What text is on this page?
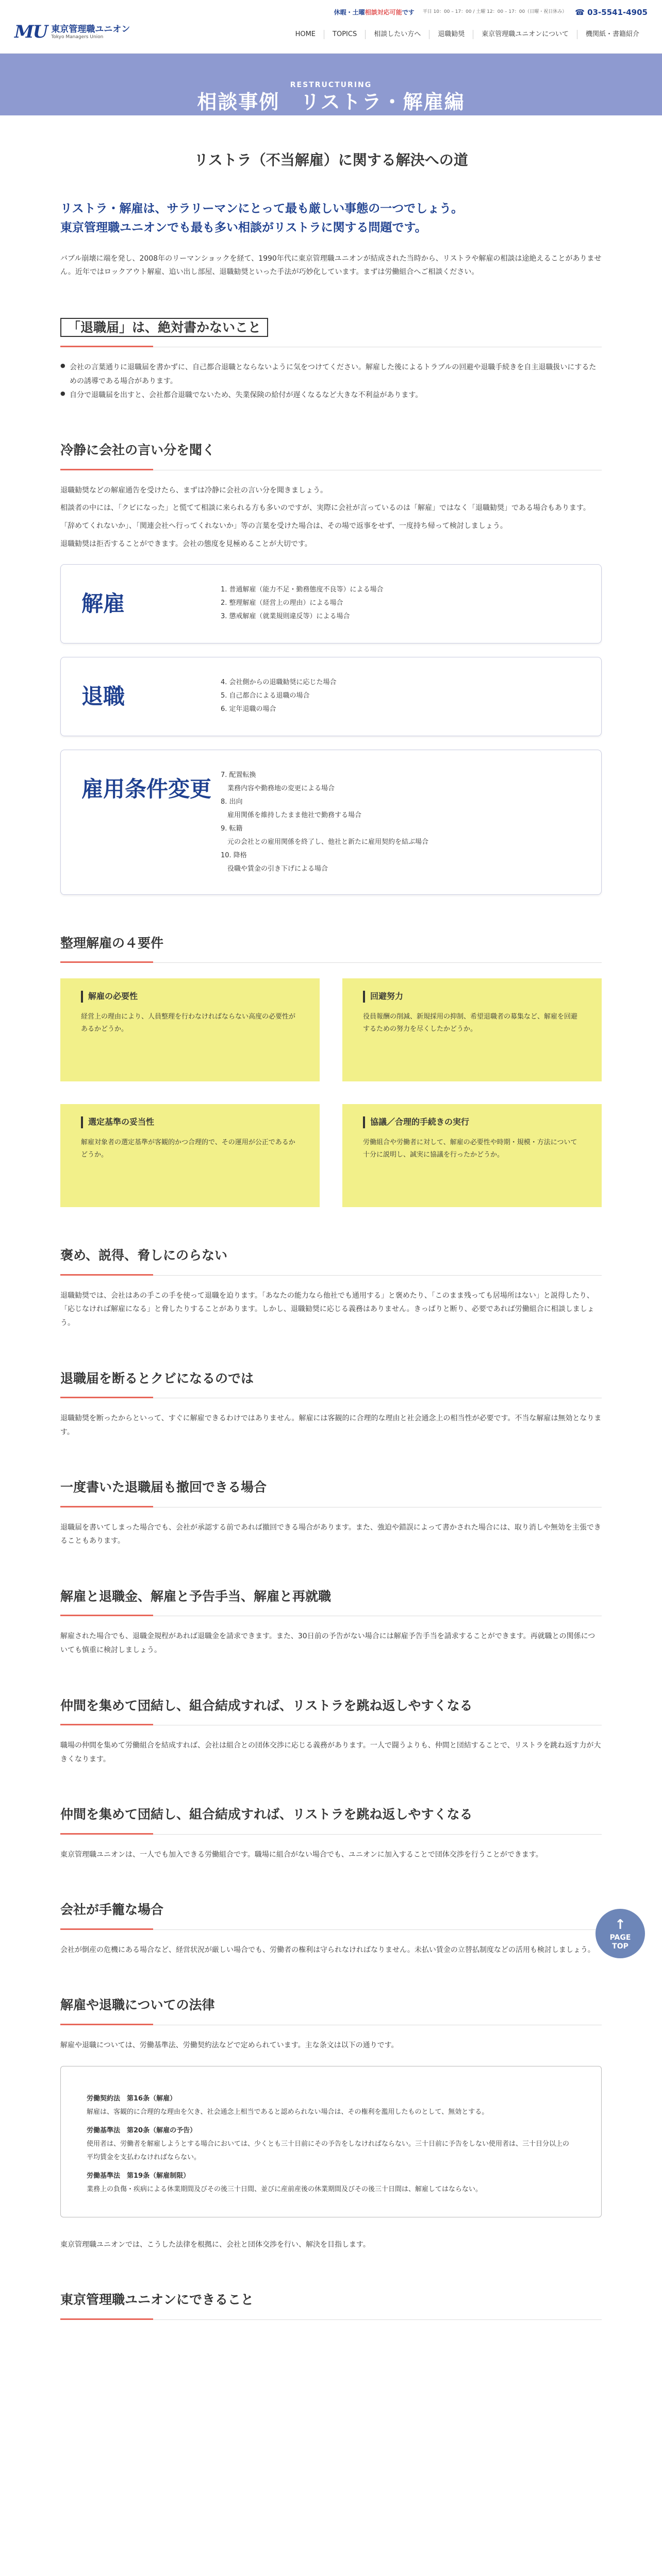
MU 東京管理職ユニオン
Tokyo Managers Union
休暇・土曜相談対応可能です 平日 10：00 – 17：00 / 土曜 12：00 – 17：00（日曜・祝日休み） ☎ 03-5541-4905
HOME	TOPICS	相談したい方へ	退職勧奨	東京管理職ユニオンについて	機関紙・書籍紹介
RESTRUCTURING
相談事例　リストラ・解雇編
リストラ（不当解雇）に関する解決への道
リストラ・解雇は、サラリーマンにとって最も厳しい事態の一つでしょう。
東京管理職ユニオンでも最も多い相談がリストラに関する問題です。

バブル崩壊に端を発し、2008年のリーマンショックを経て、1990年代に東京管理職ユニオンが結成された当時から、リストラや解雇の相談は途絶えることがありません。近年ではロックアウト解雇、追い出し部屋、退職勧奨といった手法が巧妙化しています。まずは労働組合へご相談ください。

「退職届」は、絶対書かないこと
● 会社の言葉通りに退職届を書かずに、自己都合退職とならないように気をつけてください。解雇した後によるトラブルの回避や退職手続きを自主退職扱いにするための誘導である場合があります。
● 自分で退職届を出すと、会社都合退職でないため、失業保険の給付が遅くなるなど大きな不利益があります。
冷静に会社の言い分を聞く

退職勧奨などの解雇通告を受けたら、まずは冷静に会社の言い分を聞きましょう。

相談者の中には、「クビになった」と慌てて相談に来られる方も多いのですが、実際に会社が言っているのは「解雇」ではなく「退職勧奨」である場合もあります。

「辞めてくれないか」、「関連会社へ行ってくれないか」等の言葉を受けた場合は、その場で返事をせず、一度持ち帰って検討しましょう。

退職勧奨は拒否することができます。会社の態度を見極めることが大切です。

解雇
1. 普通解雇（能力不足・勤務態度不良等）による場合
2. 整理解雇（経営上の理由）による場合
3. 懲戒解雇（就業規則違反等）による場合
退職
4. 会社側からの退職勧奨に応じた場合
5. 自己都合による退職の場合
6. 定年退職の場合
雇用条件変更
7. 配置転換
　業務内容や勤務地の変更による場合
8. 出向
　雇用関係を維持したまま他社で勤務する場合
9. 転籍
　元の会社との雇用関係を終了し、他社と新たに雇用契約を結ぶ場合
10. 降格
　役職や賃金の引き下げによる場合
整理解雇の４要件
解雇の必要性

経営上の理由により、人員整理を行わなければならない高度の必要性があるかどうか。

回避努力

役員報酬の削減、新規採用の抑制、希望退職者の募集など、解雇を回避するための努力を尽くしたかどうか。

選定基準の妥当性

解雇対象者の選定基準が客観的かつ合理的で、その運用が公正であるかどうか。

協議／合理的手続きの実行

労働組合や労働者に対して、解雇の必要性や時期・規模・方法について十分に説明し、誠実に協議を行ったかどうか。

褒め、説得、脅しにのらない

退職勧奨では、会社はあの手この手を使って退職を迫ります。「あなたの能力なら他社でも通用する」と褒めたり、「このまま残っても居場所はない」と説得したり、「応じなければ解雇になる」と脅したりすることがあります。しかし、退職勧奨に応じる義務はありません。きっぱりと断り、必要であれば労働組合に相談しましょう。

退職届を断るとクビになるのでは

退職勧奨を断ったからといって、すぐに解雇できるわけではありません。解雇には客観的に合理的な理由と社会通念上の相当性が必要です。不当な解雇は無効となります。

一度書いた退職届も撤回できる場合

退職届を書いてしまった場合でも、会社が承認する前であれば撤回できる場合があります。また、強迫や錯誤によって書かされた場合には、取り消しや無効を主張できることもあります。

解雇と退職金、解雇と予告手当、解雇と再就職

解雇された場合でも、退職金規程があれば退職金を請求できます。また、30日前の予告がない場合には解雇予告手当を請求することができます。再就職との関係についても慎重に検討しましょう。

仲間を集めて団結し、組合結成すれば、リストラを跳ね返しやすくなる

職場の仲間を集めて労働組合を結成すれば、会社は組合との団体交渉に応じる義務があります。一人で闘うよりも、仲間と団結することで、リストラを跳ね返す力が大きくなります。

仲間を集めて団結し、組合結成すれば、リストラを跳ね返しやすくなる

東京管理職ユニオンは、一人でも加入できる労働組合です。職場に組合がない場合でも、ユニオンに加入することで団体交渉を行うことができます。

会社が手籠な場合

会社が倒産の危機にある場合など、経営状況が厳しい場合でも、労働者の権利は守られなければなりません。未払い賃金の立替払制度などの活用も検討しましょう。

解雇や退職についての法律

解雇や退職については、労働基準法、労働契約法などで定められています。主な条文は以下の通りです。

労働契約法　第16条（解雇）
解雇は、客観的に合理的な理由を欠き、社会通念上相当であると認められない場合は、その権利を濫用したものとして、無効とする。
労働基準法　第20条（解雇の予告）
使用者は、労働者を解雇しようとする場合においては、少くとも三十日前にその予告をしなければならない。三十日前に予告をしない使用者は、三十日分以上の平均賃金を支払わなければならない。
労働基準法　第19条（解雇制限）
業務上の負傷・疾病による休業期間及びその後三十日間、並びに産前産後の休業期間及びその後三十日間は、解雇してはならない。

東京管理職ユニオンでは、こうした法律を根拠に、会社と団体交渉を行い、解決を目指します。

東京管理職ユニオンにできること
↑
PAGE
TOP
